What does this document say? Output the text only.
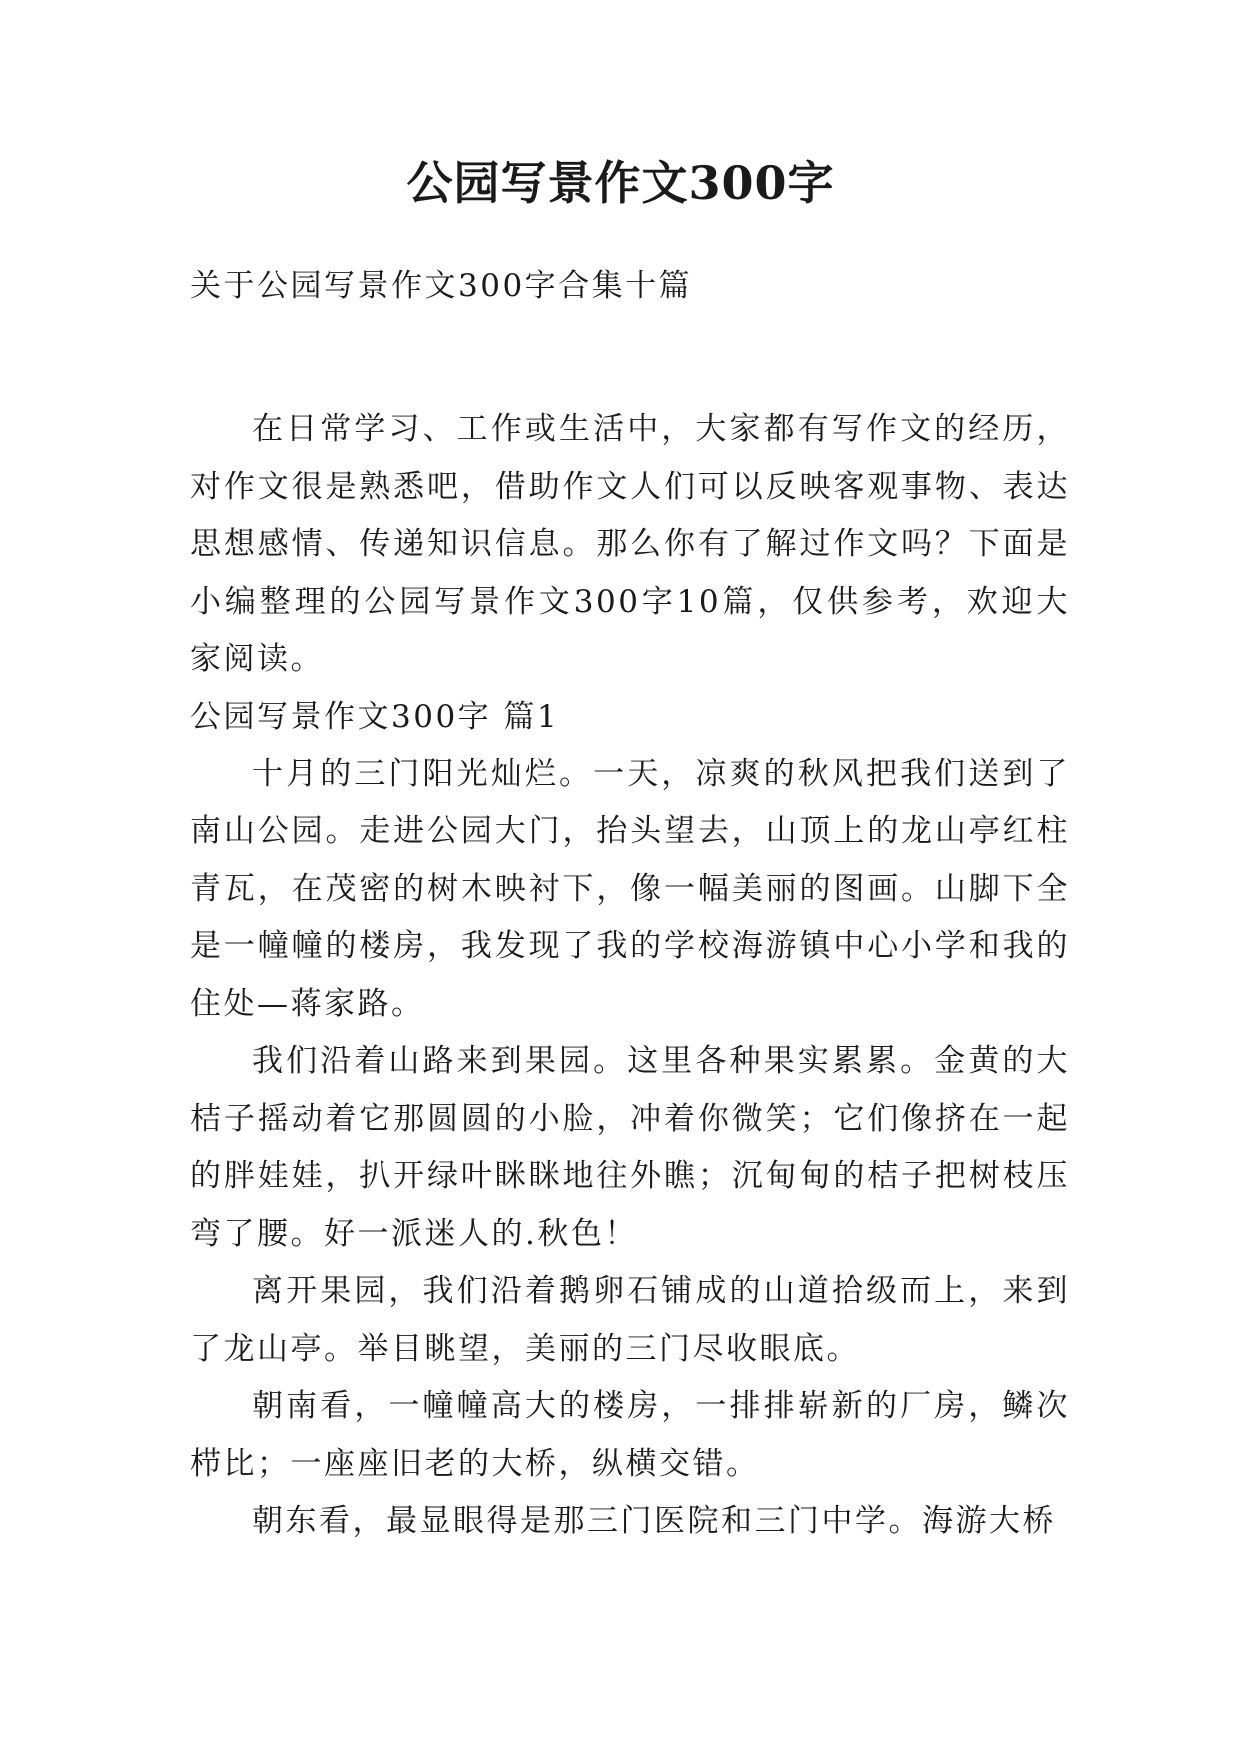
公园写景作文300字

关于公园写景作文300字合集十篇

在日常学习、工作或生活中，大家都有写作文的经历，对作文很是熟悉吧，借助作文人们可以反映客观事物、表达思想感情、传递知识信息。那么你有了解过作文吗？下面是小编整理的公园写景作文300字10篇，仅供参考，欢迎大家阅读。

公园写景作文300字 篇1

十月的三门阳光灿烂。一天，凉爽的秋风把我们送到了南山公园。走进公园大门，抬头望去，山顶上的龙山亭红柱青瓦，在茂密的树木映衬下，像一幅美丽的图画。山脚下全是一幢幢的楼房，我发现了我的学校海游镇中心小学和我的住处—蒋家路。

我们沿着山路来到果园。这里各种果实累累。金黄的大桔子摇动着它那圆圆的小脸，冲着你微笑；它们像挤在一起的胖娃娃，扒开绿叶眯眯地往外瞧；沉甸甸的桔子把树枝压弯了腰。好一派迷人的.秋色！

离开果园，我们沿着鹅卵石铺成的山道拾级而上，来到了龙山亭。举目眺望，美丽的三门尽收眼底。

朝南看，一幢幢高大的楼房，一排排崭新的厂房，鳞次栉比；一座座旧老的大桥，纵横交错。

朝东看，最显眼得是那三门医院和三门中学。海游大桥
